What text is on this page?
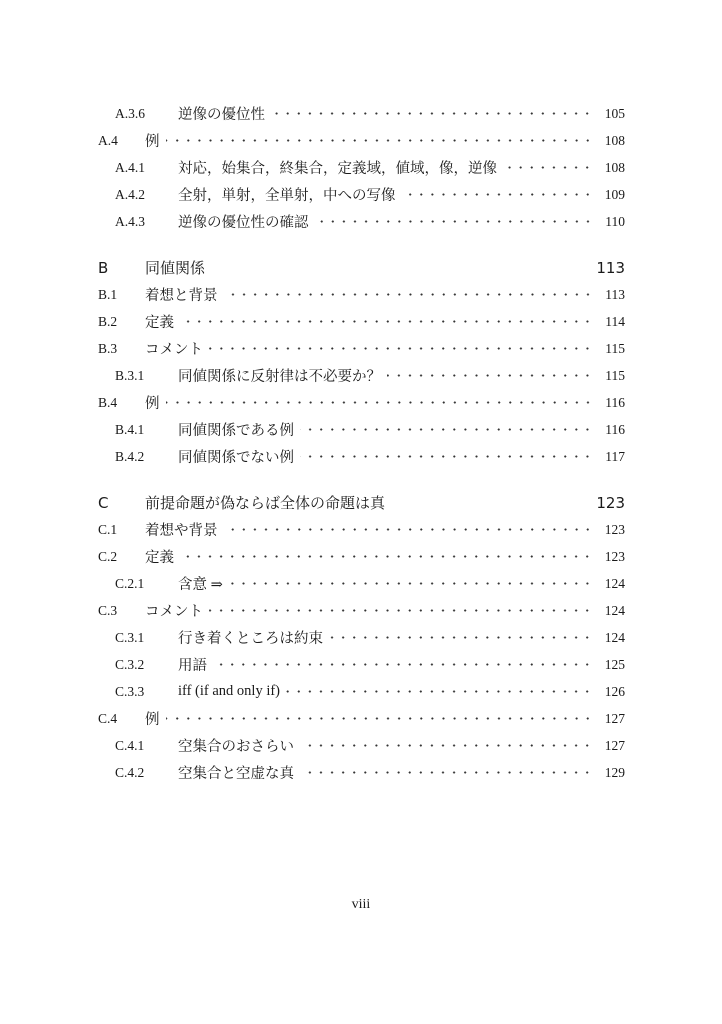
A.3.6	逆像の優位性	105
A.4	例	108
A.4.1	対応，始集合，終集合，定義域，値域，像，逆像	108
A.4.2	全射，単射，全単射，中への写像	109
A.4.3	逆像の優位性の確認	110
B	同値関係	113
B.1	着想と背景	113
B.2	定義	114
B.3	コメント	115
B.3.1	同値関係に反射律は不必要か？	115
B.4	例	116
B.4.1	同値関係である例	116
B.4.2	同値関係でない例	117
C	前提命題が偽ならば全体の命題は真	123
C.1	着想や背景	123
C.2	定義	123
C.2.1	含意 ⇒	124
C.3	コメント	124
C.3.1	行き着くところは約束	124
C.3.2	用語	125
C.3.3	iff (if and only if)	126
C.4	例	127
C.4.1	空集合のおさらい	127
C.4.2	空集合と空虚な真	129
viii
